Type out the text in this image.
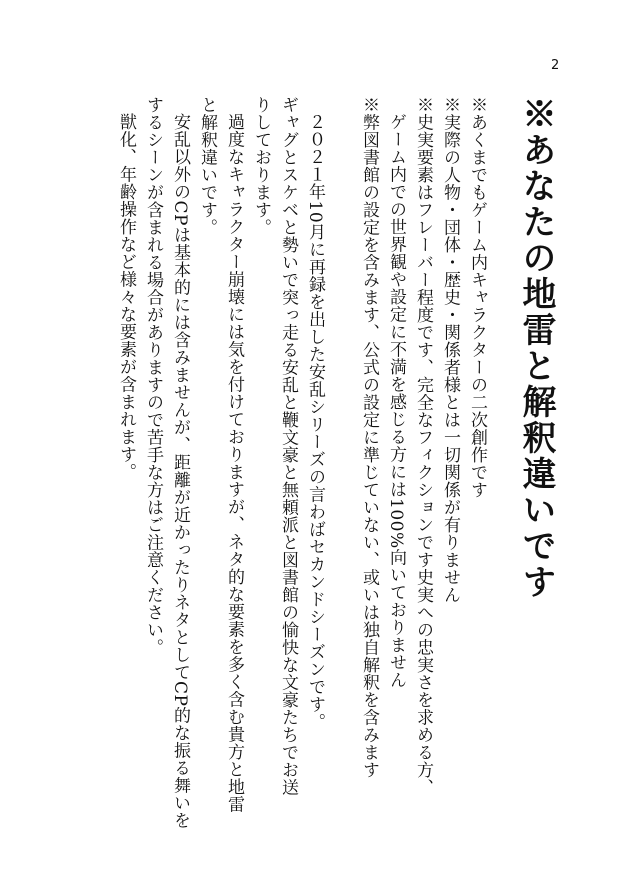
2
※あなたの地雷と解釈違いです
※あくまでもゲーム内キャラクターの二次創作です
※実際の人物・団体・歴史・関係者様とは一切関係が有りません
※史実要素はフレーバー程度です、完全なフィクションです史実への忠実さを求める方、
ゲーム内での世界観や設定に不満を感じる方には100%向いておりません
※弊図書館の設定を含みます、公式の設定に準じていない、或いは独自解釈を含みます
２０２１年10月に再録を出した安乱シリーズの言わばセカンドシーズンです。
ギャグとスケベと勢いで突っ走る安乱と鞭文豪と無頼派と図書館の愉快な文豪たちでお送
りしております。
過度なキャラクター崩壊には気を付けておりますが、ネタ的な要素を多く含む貴方と地雷
と解釈違いです。
安乱以外のCPは基本的には含みませんが、距離が近かったりネタとしてCP的な振る舞いを
するシーンが含まれる場合がありますので苦手な方はご注意ください。
獣化、年齢操作など様々な要素が含まれます。
